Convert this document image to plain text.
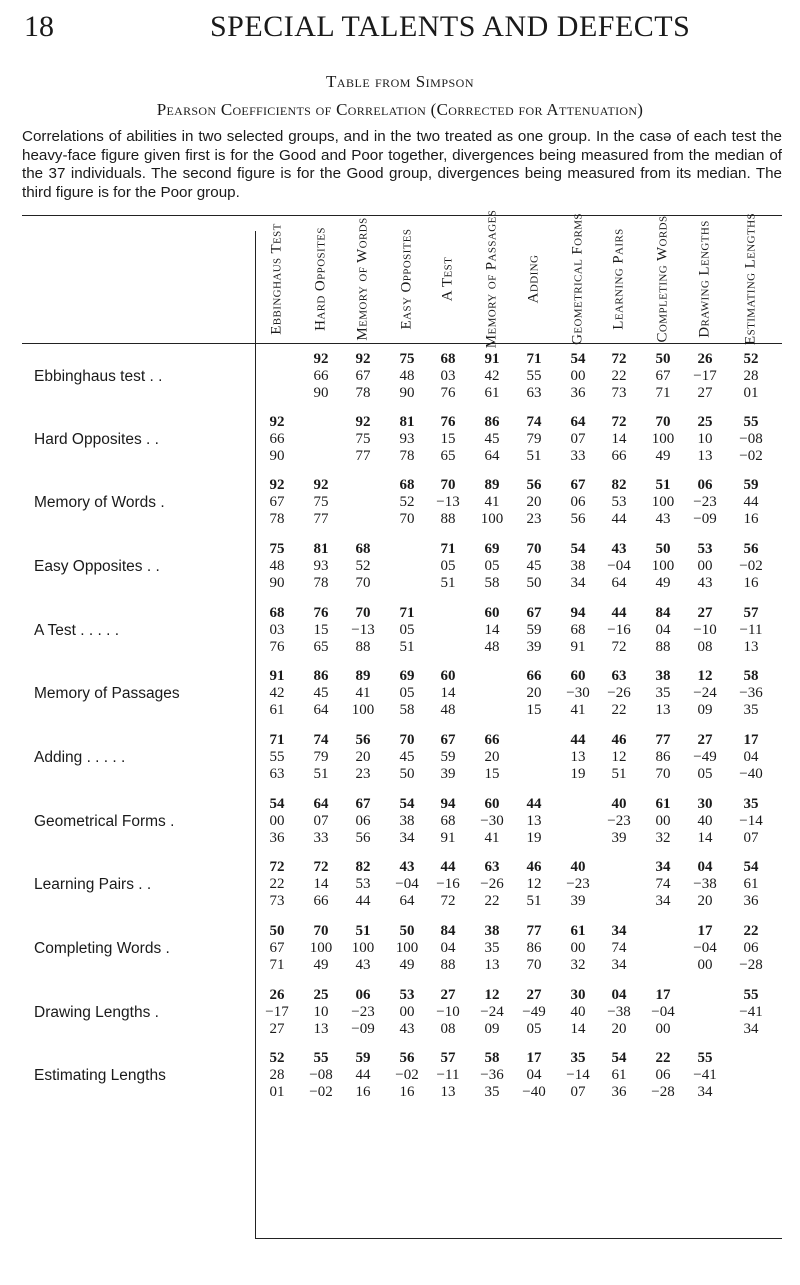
18	SPECIAL TALENTS AND DEFECTS
Table from Simpson
Pearson Coefficients of Correlation (Corrected for Attenuation)
Correlations of abilities in two selected groups, and in the two treated as one group. In the casə of each test the heavy-face figure given first is for the Good and Poor together, divergences being measured from the median of the 37 individuals. The second figure is for the Good group, divergences being measured from its median. The third figure is for the Poor group.
Ebbinghaus Test Hard Opposites Memory of Words Easy Opposites A Test Memory of Passages Adding Geometrical Forms Learning Pairs Completing Words Drawing Lengths Estimating Lengths
Ebbinghaus test . .
92
66
90
92
67
78
75
48
90
68
03
76
91
42
61
71
55
63
54
00
36
72
22
73
50
67
71
26
−17
27
52
28
01
Hard Opposites . .
92
66
90
92
75
77
81
93
78
76
15
65
86
45
64
74
79
51
64
07
33
72
14
66
70
100
49
25
10
13
55
−08
−02
Memory of Words .
92
67
78
92
75
77
68
52
70
70
−13
88
89
41
100
56
20
23
67
06
56
82
53
44
51
100
43
06
−23
−09
59
44
16
Easy Opposites . .
75
48
90
81
93
78
68
52
70
71
05
51
69
05
58
70
45
50
54
38
34
43
−04
64
50
100
49
53
00
43
56
−02
16
A Test . . . . .
68
03
76
76
15
65
70
−13
88
71
05
51
60
14
48
67
59
39
94
68
91
44
−16
72
84
04
88
27
−10
08
57
−11
13
Memory of Passages
91
42
61
86
45
64
89
41
100
69
05
58
60
14
48
66
20
15
60
−30
41
63
−26
22
38
35
13
12
−24
09
58
−36
35
Adding . . . . .
71
55
63
74
79
51
56
20
23
70
45
50
67
59
39
66
20
15
44
13
19
46
12
51
77
86
70
27
−49
05
17
04
−40
Geometrical Forms .
54
00
36
64
07
33
67
06
56
54
38
34
94
68
91
60
−30
41
44
13
19
40
−23
39
61
00
32
30
40
14
35
−14
07
Learning Pairs . .
72
22
73
72
14
66
82
53
44
43
−04
64
44
−16
72
63
−26
22
46
12
51
40
−23
39
34
74
34
04
−38
20
54
61
36
Completing Words .
50
67
71
70
100
49
51
100
43
50
100
49
84
04
88
38
35
13
77
86
70
61
00
32
34
74
34
17
−04
00
22
06
−28
Drawing Lengths .
26
−17
27
25
10
13
06
−23
−09
53
00
43
27
−10
08
12
−24
09
27
−49
05
30
40
14
04
−38
20
17
−04
00
55
−41
34
Estimating Lengths
52
28
01
55
−08
−02
59
44
16
56
−02
16
57
−11
13
58
−36
35
17
04
−40
35
−14
07
54
61
36
22
06
−28
55
−41
34
